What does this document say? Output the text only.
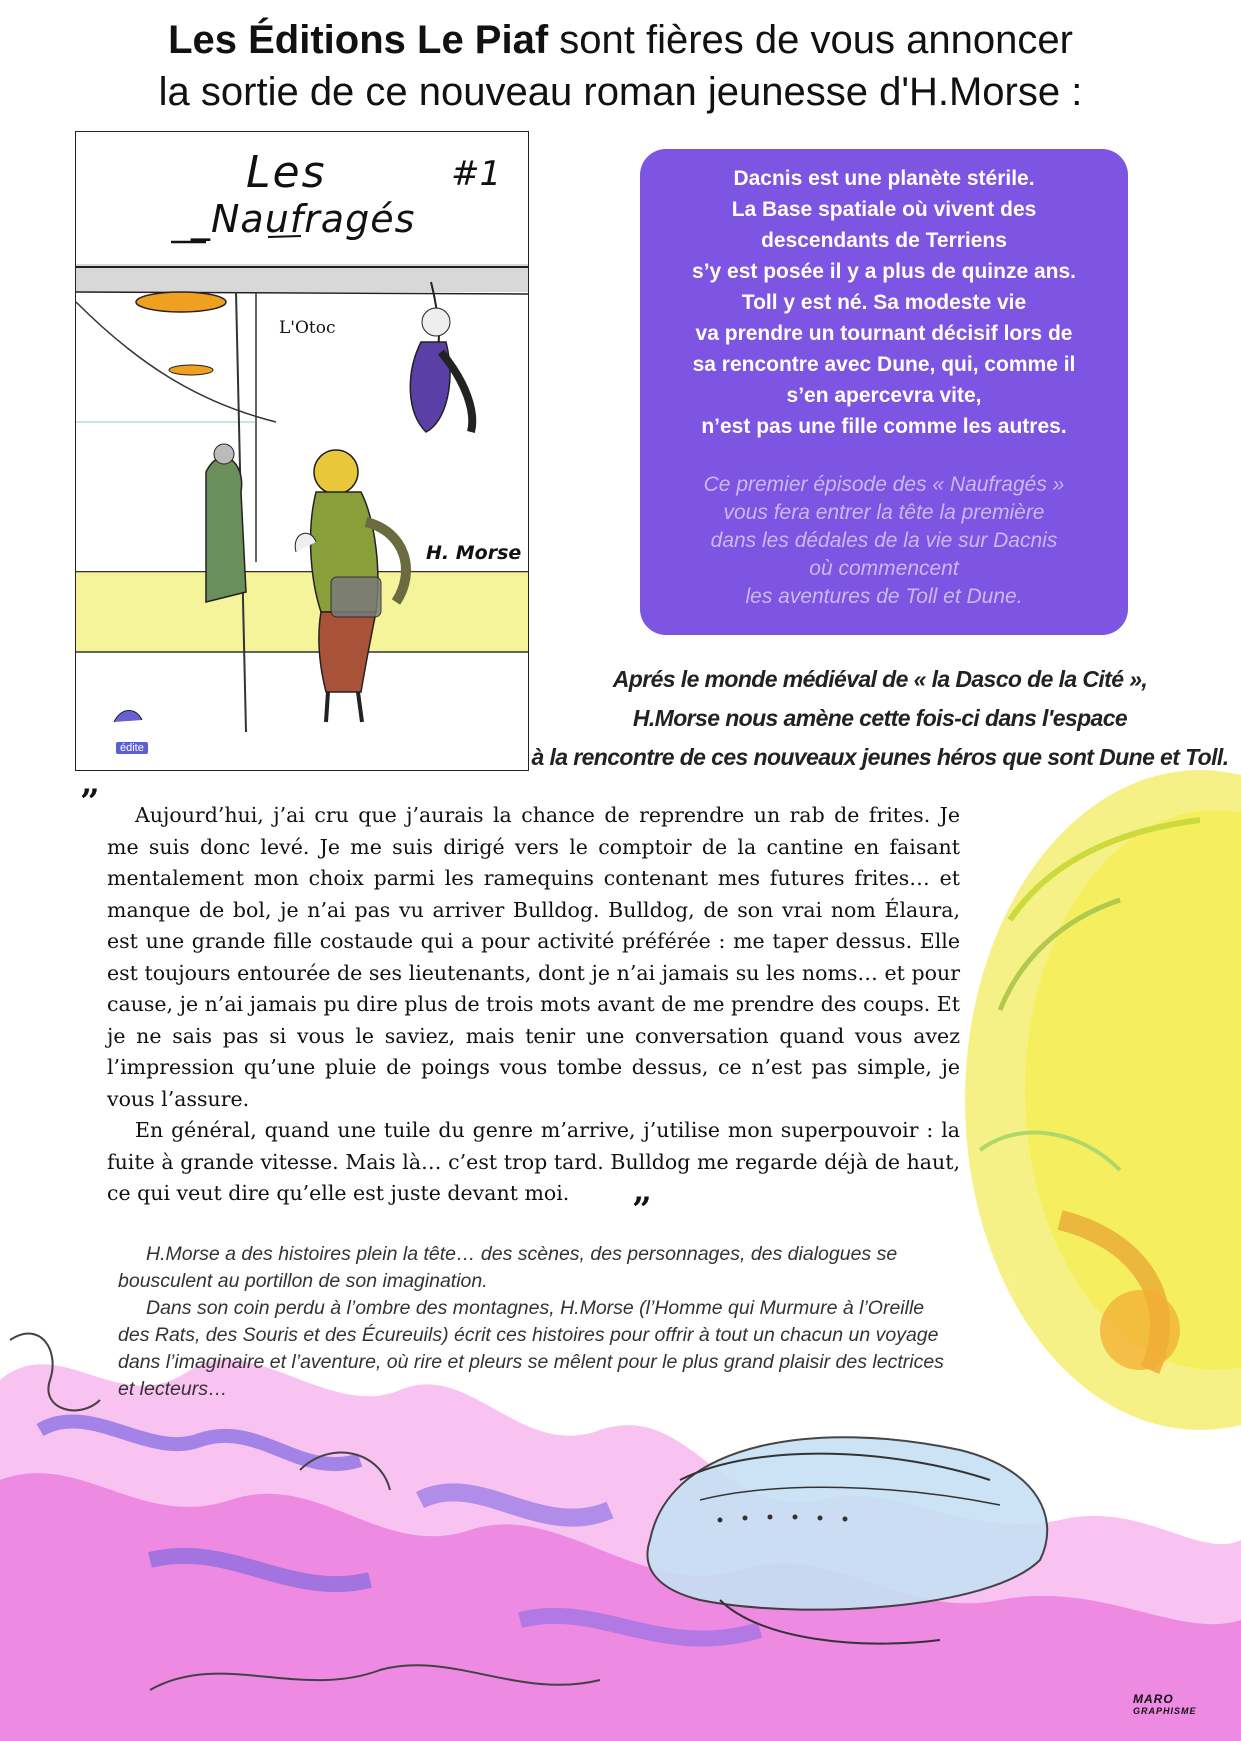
Les Éditions Le Piaf sont fières de vous annoncer
la sortie de ce nouveau roman jeunesse d'H.Morse :
Les
_Naufragés
#1
L'Otoc
H. Morse
édite
Dacnis est une planète stérile.
La Base spatiale où vivent des
descendants de Terriens
s’y est posée il y a plus de quinze ans.
Toll y est né. Sa modeste vie
va prendre un tournant décisif lors de
sa rencontre avec Dune, qui, comme il
s’en apercevra vite,
n’est pas une fille comme les autres.
Ce premier épisode des « Naufragés »
vous fera entrer la tête la première
dans les dédales de la vie sur Dacnis
où commencent
les aventures de Toll et Dune.
Aprés le monde médiéval de « la Dasco de la Cité »,
H.Morse nous amène cette fois-ci dans l'espace
à la rencontre de ces nouveaux jeunes héros que sont Dune et Toll.
”	Aujourd’hui, j’ai cru que j’aurais la chance de reprendre un rab de frites. Je me suis donc levé. Je me suis dirigé vers le comptoir de la cantine en faisant mentalement mon choix parmi les ramequins contenant mes futures frites… et manque de bol, je n’ai pas vu arriver Bulldog. Bulldog, de son vrai nom Élaura, est une grande fille costaude qui a pour activité préférée : me taper dessus. Elle est toujours entourée de ses lieutenants, dont je n’ai jamais su les noms… et pour cause, je n’ai jamais pu dire plus de trois mots avant de me prendre des coups. Et je ne sais pas si vous le saviez, mais tenir une conversation quand vous avez l’impression qu’une pluie de poings vous tombe dessus, ce n’est pas simple, je vous l’assure.

En général, quand une tuile du genre m’arrive, j’utilise mon superpouvoir : la fuite à grande vitesse. Mais là… c’est trop tard. Bulldog me regarde déjà de haut, ce qui veut dire qu’elle est juste devant moi.	”

H.Morse a des histoires plein la tête… des scènes, des personnages, des dialogues se bousculent au portillon de son imagination.

Dans son coin perdu à l’ombre des montagnes, H.Morse (l’Homme qui Murmure à l’Oreille des Rats, des Souris et des Écureuils) écrit ces histoires pour offrir à tout un chacun un voyage dans l’imaginaire et l’aventure, où rire et pleurs se mêlent pour le plus grand plaisir des lectrices et lecteurs…

MARO
GRAPHISME
